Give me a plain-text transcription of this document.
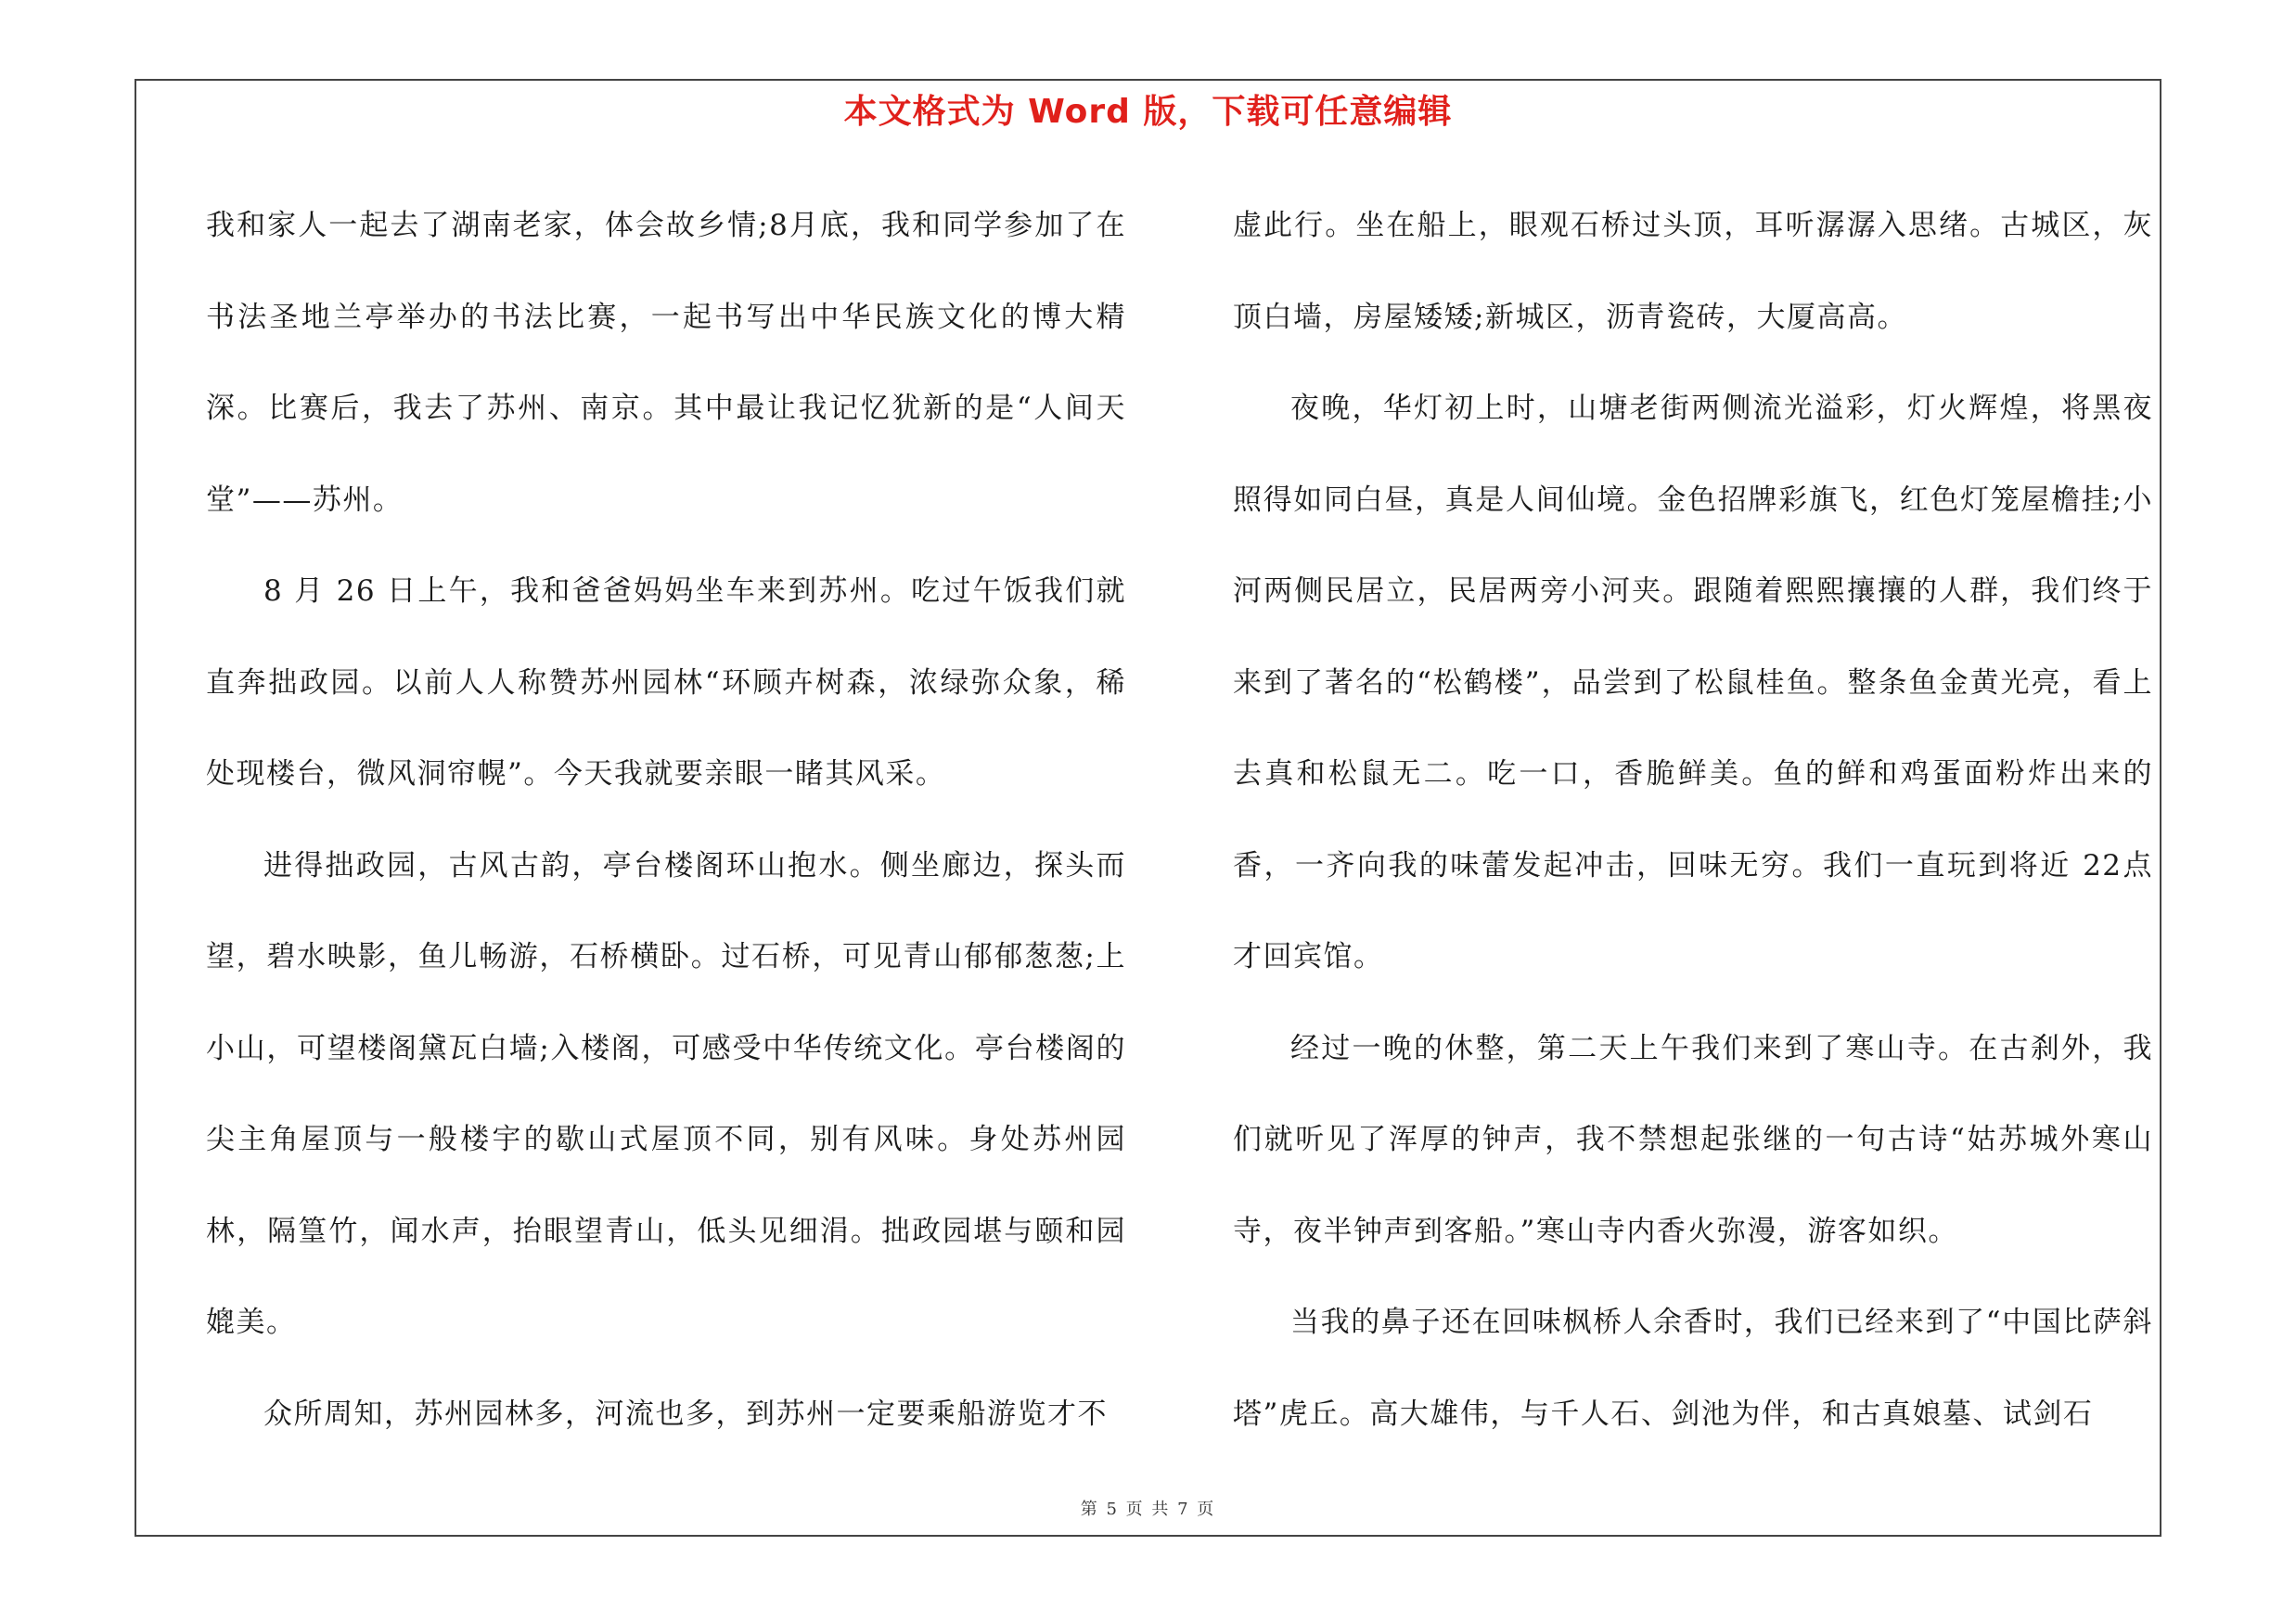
本文格式为 Word 版，下载可任意编辑

我和家人一起去了湖南老家，体会故乡情;8月底，我和同学参加了在书法圣地兰亭举办的书法比赛，一起书写出中华民族文化的博大精深。比赛后，我去了苏州、南京。其中最让我记忆犹新的是“人间天堂”——苏州。

8 月 26 日上午，我和爸爸妈妈坐车来到苏州。吃过午饭我们就直奔拙政园。以前人人称赞苏州园林“环顾卉树森，浓绿弥众象，稀处现楼台，微风洞帘幌”。今天我就要亲眼一睹其风采。

进得拙政园，古风古韵，亭台楼阁环山抱水。侧坐廊边，探头而望，碧水映影，鱼儿畅游，石桥横卧。过石桥，可见青山郁郁葱葱;上小山，可望楼阁黛瓦白墙;入楼阁，可感受中华传统文化。亭台楼阁的尖主角屋顶与一般楼宇的歇山式屋顶不同，别有风味。身处苏州园林，隔篁竹，闻水声，抬眼望青山，低头见细涓。拙政园堪与颐和园媲美。

众所周知，苏州园林多，河流也多，到苏州一定要乘船游览才不

虚此行。坐在船上，眼观石桥过头顶，耳听潺潺入思绪。古城区，灰顶白墙，房屋矮矮;新城区，沥青瓷砖，大厦高高。

夜晚，华灯初上时，山塘老街两侧流光溢彩，灯火辉煌，将黑夜照得如同白昼，真是人间仙境。金色招牌彩旗飞，红色灯笼屋檐挂;小河两侧民居立，民居两旁小河夹。跟随着熙熙攘攘的人群，我们终于来到了著名的“松鹤楼”，品尝到了松鼠桂鱼。整条鱼金黄光亮，看上去真和松鼠无二。吃一口，香脆鲜美。鱼的鲜和鸡蛋面粉炸出来的香，一齐向我的味蕾发起冲击，回味无穷。我们一直玩到将近 22点才回宾馆。

经过一晚的休整，第二天上午我们来到了寒山寺。在古刹外，我们就听见了浑厚的钟声，我不禁想起张继的一句古诗“姑苏城外寒山寺，夜半钟声到客船。”寒山寺内香火弥漫，游客如织。

当我的鼻子还在回味枫桥人余香时，我们已经来到了“中国比萨斜塔”虎丘。高大雄伟，与千人石、剑池为伴，和古真娘墓、试剑石

第 5 页 共 7 页
